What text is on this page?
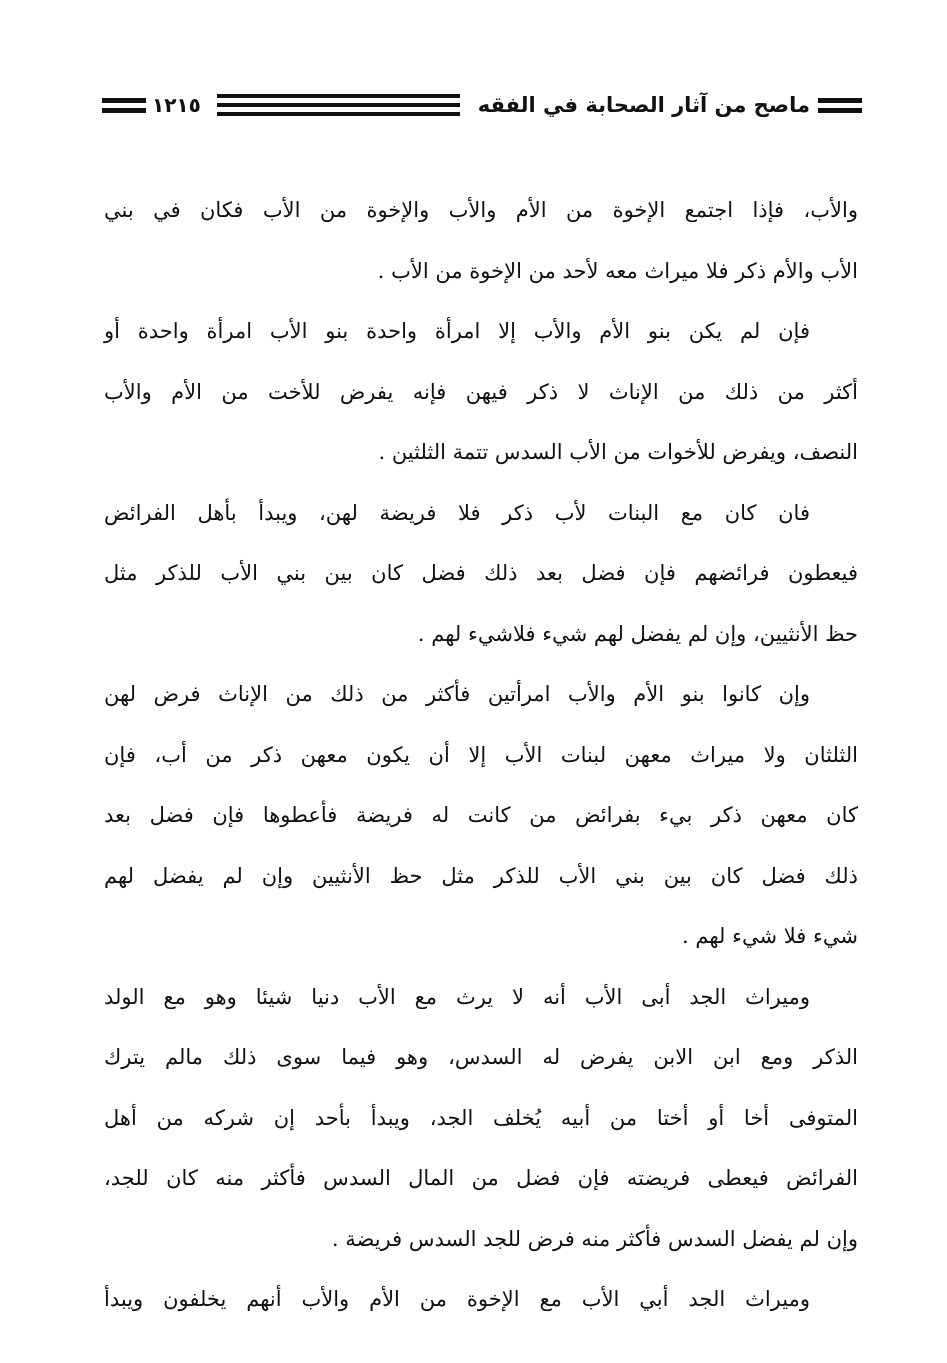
ماصح من آثار الصحابة في الفقه
١٢١٥

والأب، فإذا اجتمع الإخوة من الأم والأب والإخوة من الأب فكان في بني
الأب والأم ذكر فلا ميراث معه لأحد من الإخوة من الأب .

فإن لم يكن بنو الأم والأب إلا امرأة واحدة بنو الأب امرأة واحدة أو
أكثر من ذلك من الإناث لا ذكر فيهن فإنه يفرض للأخت من الأم والأب
النصف، ويفرض للأخوات من الأب السدس تتمة الثلثين .

فان كان مع البنات لأب ذكر فلا فريضة لهن، ويبدأ بأهل الفرائض
فيعطون فرائضهم فإن فضل بعد ذلك فضل كان بين بني الأب للذكر مثل
حظ الأنثيين، وإن لم يفضل لهم شيء فلاشيء لهم .

وإن كانوا بنو الأم والأب امرأتين فأكثر من ذلك من الإناث فرض لهن
الثلثان ولا ميراث معهن لبنات الأب إلا أن يكون معهن ذكر من أب، فإن
كان معهن ذكر بيء بفرائض من كانت له فريضة فأعطوها فإن فضل بعد
ذلك فضل كان بين بني الأب للذكر مثل حظ الأنثيين وإن لم يفضل لهم
شيء فلا شيء لهم .

وميراث الجد أبى الأب أنه لا يرث مع الأب دنيا شيئا وهو مع الولد
الذكر ومع ابن الابن يفرض له السدس، وهو فيما سوى ذلك مالم يترك
المتوفى أخا أو أختا من أبيه يُخلف الجد، ويبدأ بأحد إن شركه من أهل
الفرائض فيعطى فريضته فإن فضل من المال السدس فأكثر منه كان للجد،
وإن لم يفضل السدس فأكثر منه فرض للجد السدس فريضة .

وميراث الجد أبي الأب مع الإخوة من الأم والأب أنهم يخلفون ويبدأ
